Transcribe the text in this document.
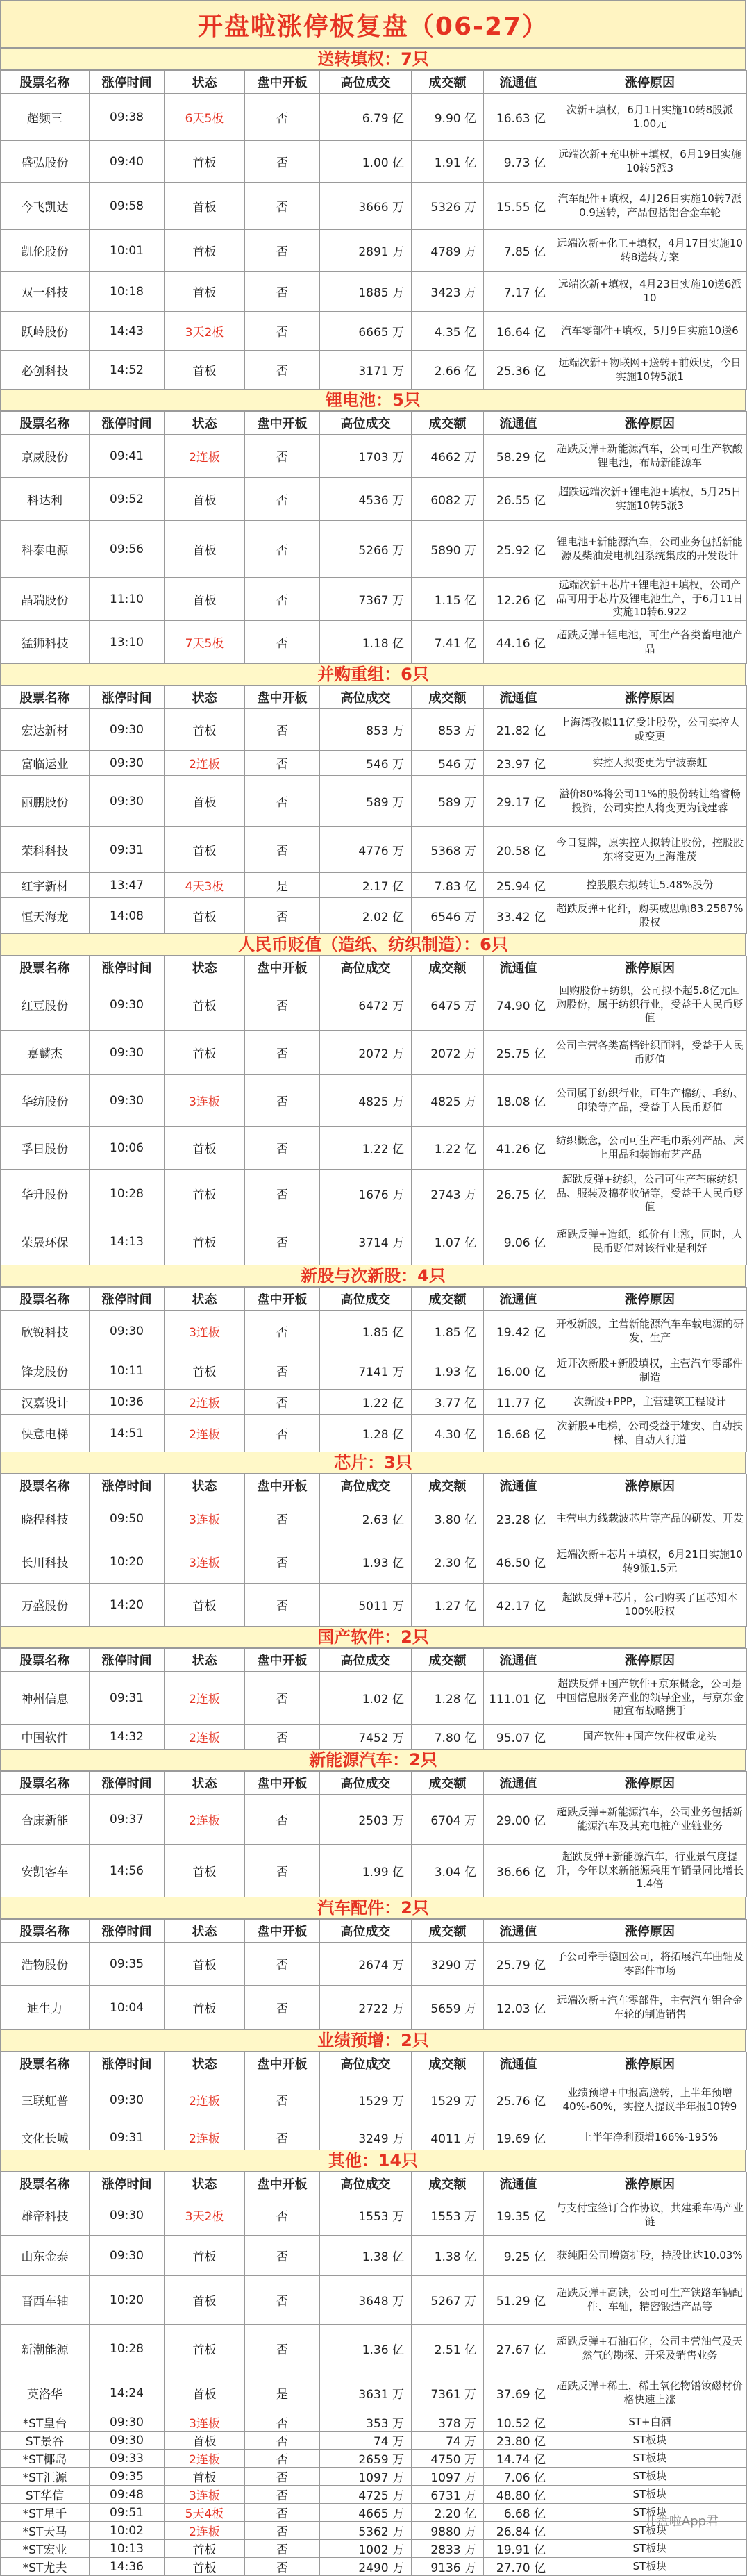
开盘啦涨停板复盘（06-27）
送转填权：7只
股票名称	涨停时间	状态	盘中开板	高位成交	成交额	流通值	涨停原因
超频三	09:38	6天5板	否	6.79 亿	9.90 亿	16.63 亿	次新+填权，6月1日实施10转8股派1.00元
盛弘股份	09:40	首板	否	1.00 亿	1.91 亿	9.73 亿	远端次新+充电桩+填权，6月19日实施10转5派3
今飞凯达	09:58	首板	否	3666 万	5326 万	15.55 亿	汽车配件+填权，4月26日实施10转7派0.9送转，产品包括铝合金车轮
凯伦股份	10:01	首板	否	2891 万	4789 万	7.85 亿	远端次新+化工+填权，4月17日实施10转8送转方案
双一科技	10:18	首板	否	1885 万	3423 万	7.17 亿	远端次新+填权，4月23日实施10送6派10
跃岭股份	14:43	3天2板	否	6665 万	4.35 亿	16.64 亿	汽车零部件+填权，5月9日实施10送6
必创科技	14:52	首板	否	3171 万	2.66 亿	25.36 亿	远端次新+物联网+送转+前妖股，今日实施10转5派1
锂电池：5只
股票名称	涨停时间	状态	盘中开板	高位成交	成交额	流通值	涨停原因
京威股份	09:41	2连板	否	1703 万	4662 万	58.29 亿	超跌反弹+新能源汽车，公司可生产软酸锂电池，布局新能源车
科达利	09:52	首板	否	4536 万	6082 万	26.55 亿	超跌远端次新+锂电池+填权，5月25日实施10转5派3
科泰电源	09:56	首板	否	5266 万	5890 万	25.92 亿	锂电池+新能源汽车，公司业务包括新能源及柴油发电机组系统集成的开发设计
晶瑞股份	11:10	首板	否	7367 万	1.15 亿	12.26 亿	远端次新+芯片+锂电池+填权，公司产品可用于芯片及锂电池生产，于6月11日实施10转6.922
猛狮科技	13:10	7天5板	否	1.18 亿	7.41 亿	44.16 亿	超跌反弹+锂电池，可生产各类蓄电池产品
并购重组：6只
股票名称	涨停时间	状态	盘中开板	高位成交	成交额	流通值	涨停原因
宏达新材	09:30	首板	否	853 万	853 万	21.82 亿	上海湾孜拟11亿受让股份，公司实控人或变更
富临运业	09:30	2连板	否	546 万	546 万	23.97 亿	实控人拟变更为宁波泰虹
丽鹏股份	09:30	首板	否	589 万	589 万	29.17 亿	溢价80%将公司11%的股份转让给睿畅投资，公司实控人将变更为钱建蓉
荣科科技	09:31	首板	否	4776 万	5368 万	20.58 亿	今日复牌，原实控人拟转让股份，控股股东将变更为上海淮茂
红宇新材	13:47	4天3板	是	2.17 亿	7.83 亿	25.94 亿	控股股东拟转让5.48%股份
恒天海龙	14:08	首板	否	2.02 亿	6546 万	33.42 亿	超跌反弹+化纤，购买威思顿83.2587%股权
人民币贬值（造纸、纺织制造）：6只
股票名称	涨停时间	状态	盘中开板	高位成交	成交额	流通值	涨停原因
红豆股份	09:30	首板	否	6472 万	6475 万	74.90 亿	回购股份+纺织，公司拟不超5.8亿元回购股份，属于纺织行业，受益于人民币贬值
嘉麟杰	09:30	首板	否	2072 万	2072 万	25.75 亿	公司主营各类高档针织面料，受益于人民币贬值
华纺股份	09:30	3连板	否	4825 万	4825 万	18.08 亿	公司属于纺织行业，可生产棉纺、毛纺、印染等产品，受益于人民币贬值
孚日股份	10:06	首板	否	1.22 亿	1.22 亿	41.26 亿	纺织概念，公司可生产毛巾系列产品、床上用品和装饰布艺产品
华升股份	10:28	首板	否	1676 万	2743 万	26.75 亿	超跌反弹+纺织，公司可生产苎麻纺织品、服装及棉花收储等，受益于人民币贬值
荣晟环保	14:13	首板	否	3714 万	1.07 亿	9.06 亿	超跌反弹+造纸，纸价有上涨，同时，人民币贬值对该行业是利好
新股与次新股：4只
股票名称	涨停时间	状态	盘中开板	高位成交	成交额	流通值	涨停原因
欣锐科技	09:30	3连板	否	1.85 亿	1.85 亿	19.42 亿	开板新股，主营新能源汽车车载电源的研发、生产
锋龙股份	10:11	首板	否	7141 万	1.93 亿	16.00 亿	近开次新股+新股填权，主营汽车零部件制造
汉嘉设计	10:36	2连板	否	1.22 亿	3.77 亿	11.77 亿	次新股+PPP，主营建筑工程设计
快意电梯	14:51	2连板	否	1.28 亿	4.30 亿	16.68 亿	次新股+电梯，公司受益于雄安、自动扶梯、自动人行道
芯片：3只
股票名称	涨停时间	状态	盘中开板	高位成交	成交额	流通值	涨停原因
晓程科技	09:50	3连板	否	2.63 亿	3.80 亿	23.28 亿	主营电力线载波芯片等产品的研发、开发
长川科技	10:20	3连板	否	1.93 亿	2.30 亿	46.50 亿	远端次新+芯片+填权，6月21日实施10转9派1.5元
万盛股份	14:20	首板	否	5011 万	1.27 亿	42.17 亿	超跌反弹+芯片，公司购买了匡芯知本100%股权
国产软件：2只
股票名称	涨停时间	状态	盘中开板	高位成交	成交额	流通值	涨停原因
神州信息	09:31	2连板	否	1.02 亿	1.28 亿	111.01 亿	超跌反弹+国产软件+京东概念，公司是中国信息服务产业的领导企业，与京东金融宣布战略携手
中国软件	14:32	2连板	否	7452 万	7.80 亿	95.07 亿	国产软件+国产软件权重龙头
新能源汽车：2只
股票名称	涨停时间	状态	盘中开板	高位成交	成交额	流通值	涨停原因
合康新能	09:37	2连板	否	2503 万	6704 万	29.00 亿	超跌反弹+新能源汽车，公司业务包括新能源汽车及其充电桩产业链业务
安凯客车	14:56	首板	否	1.99 亿	3.04 亿	36.66 亿	超跌反弹+新能源汽车，行业景气度提升，今年以来新能源乘用车销量同比增长1.4倍
汽车配件：2只
股票名称	涨停时间	状态	盘中开板	高位成交	成交额	流通值	涨停原因
浩物股份	09:35	首板	否	2674 万	3290 万	25.79 亿	子公司牵手德国公司，将拓展汽车曲轴及零部件市场
迪生力	10:04	首板	否	2722 万	5659 万	12.03 亿	远端次新+汽车零部件，主营汽车铝合金车轮的制造销售
业绩预增：2只
股票名称	涨停时间	状态	盘中开板	高位成交	成交额	流通值	涨停原因
三联虹普	09:30	2连板	否	1529 万	1529 万	25.76 亿	业绩预增+中报高送转，上半年预增40%-60%，实控人提议半年报10转9
文化长城	09:31	2连板	否	3249 万	4011 万	19.69 亿	上半年净利预增166%-195%
其他：14只
股票名称	涨停时间	状态	盘中开板	高位成交	成交额	流通值	涨停原因
雄帝科技	09:30	3天2板	否	1553 万	1553 万	19.35 亿	与支付宝签订合作协议，共建乘车码产业链
山东金泰	09:30	首板	否	1.38 亿	1.38 亿	9.25 亿	获纯阳公司增资扩股，持股比达10.03%
晋西车轴	10:20	首板	否	3648 万	5267 万	51.29 亿	超跌反弹+高铁，公司可生产铁路车辆配件、车轴，精密锻造产品等
新潮能源	10:28	首板	否	1.36 亿	2.51 亿	27.67 亿	超跌反弹+石油石化，公司主营油气及天然气的勘探、开采及销售业务
英洛华	14:24	首板	是	3631 万	7361 万	37.69 亿	超跌反弹+稀土，稀土氧化物镨钕磁材价格快速上涨
*ST皇台	09:30	3连板	否	353 万	378 万	10.52 亿	ST+白酒
ST景谷	09:30	首板	否	74 万	74 万	23.80 亿	ST板块
*ST椰岛	09:33	2连板	否	2659 万	4750 万	14.74 亿	ST板块
*ST汇源	09:35	首板	否	1097 万	1097 万	7.06 亿	ST板块
ST华信	09:48	3连板	否	4725 万	6731 万	48.80 亿	ST板块
*ST星千	09:51	5天4板	否	4665 万	2.20 亿	6.68 亿	ST板块
*ST天马	10:02	2连板	否	5362 万	9880 万	26.84 亿	ST板块
*ST宏业	10:13	首板	否	1002 万	2833 万	19.91 亿	ST板块
*ST尤夫	14:36	首板	否	2490 万	9136 万	27.70 亿	ST板块
开盘啦App君
